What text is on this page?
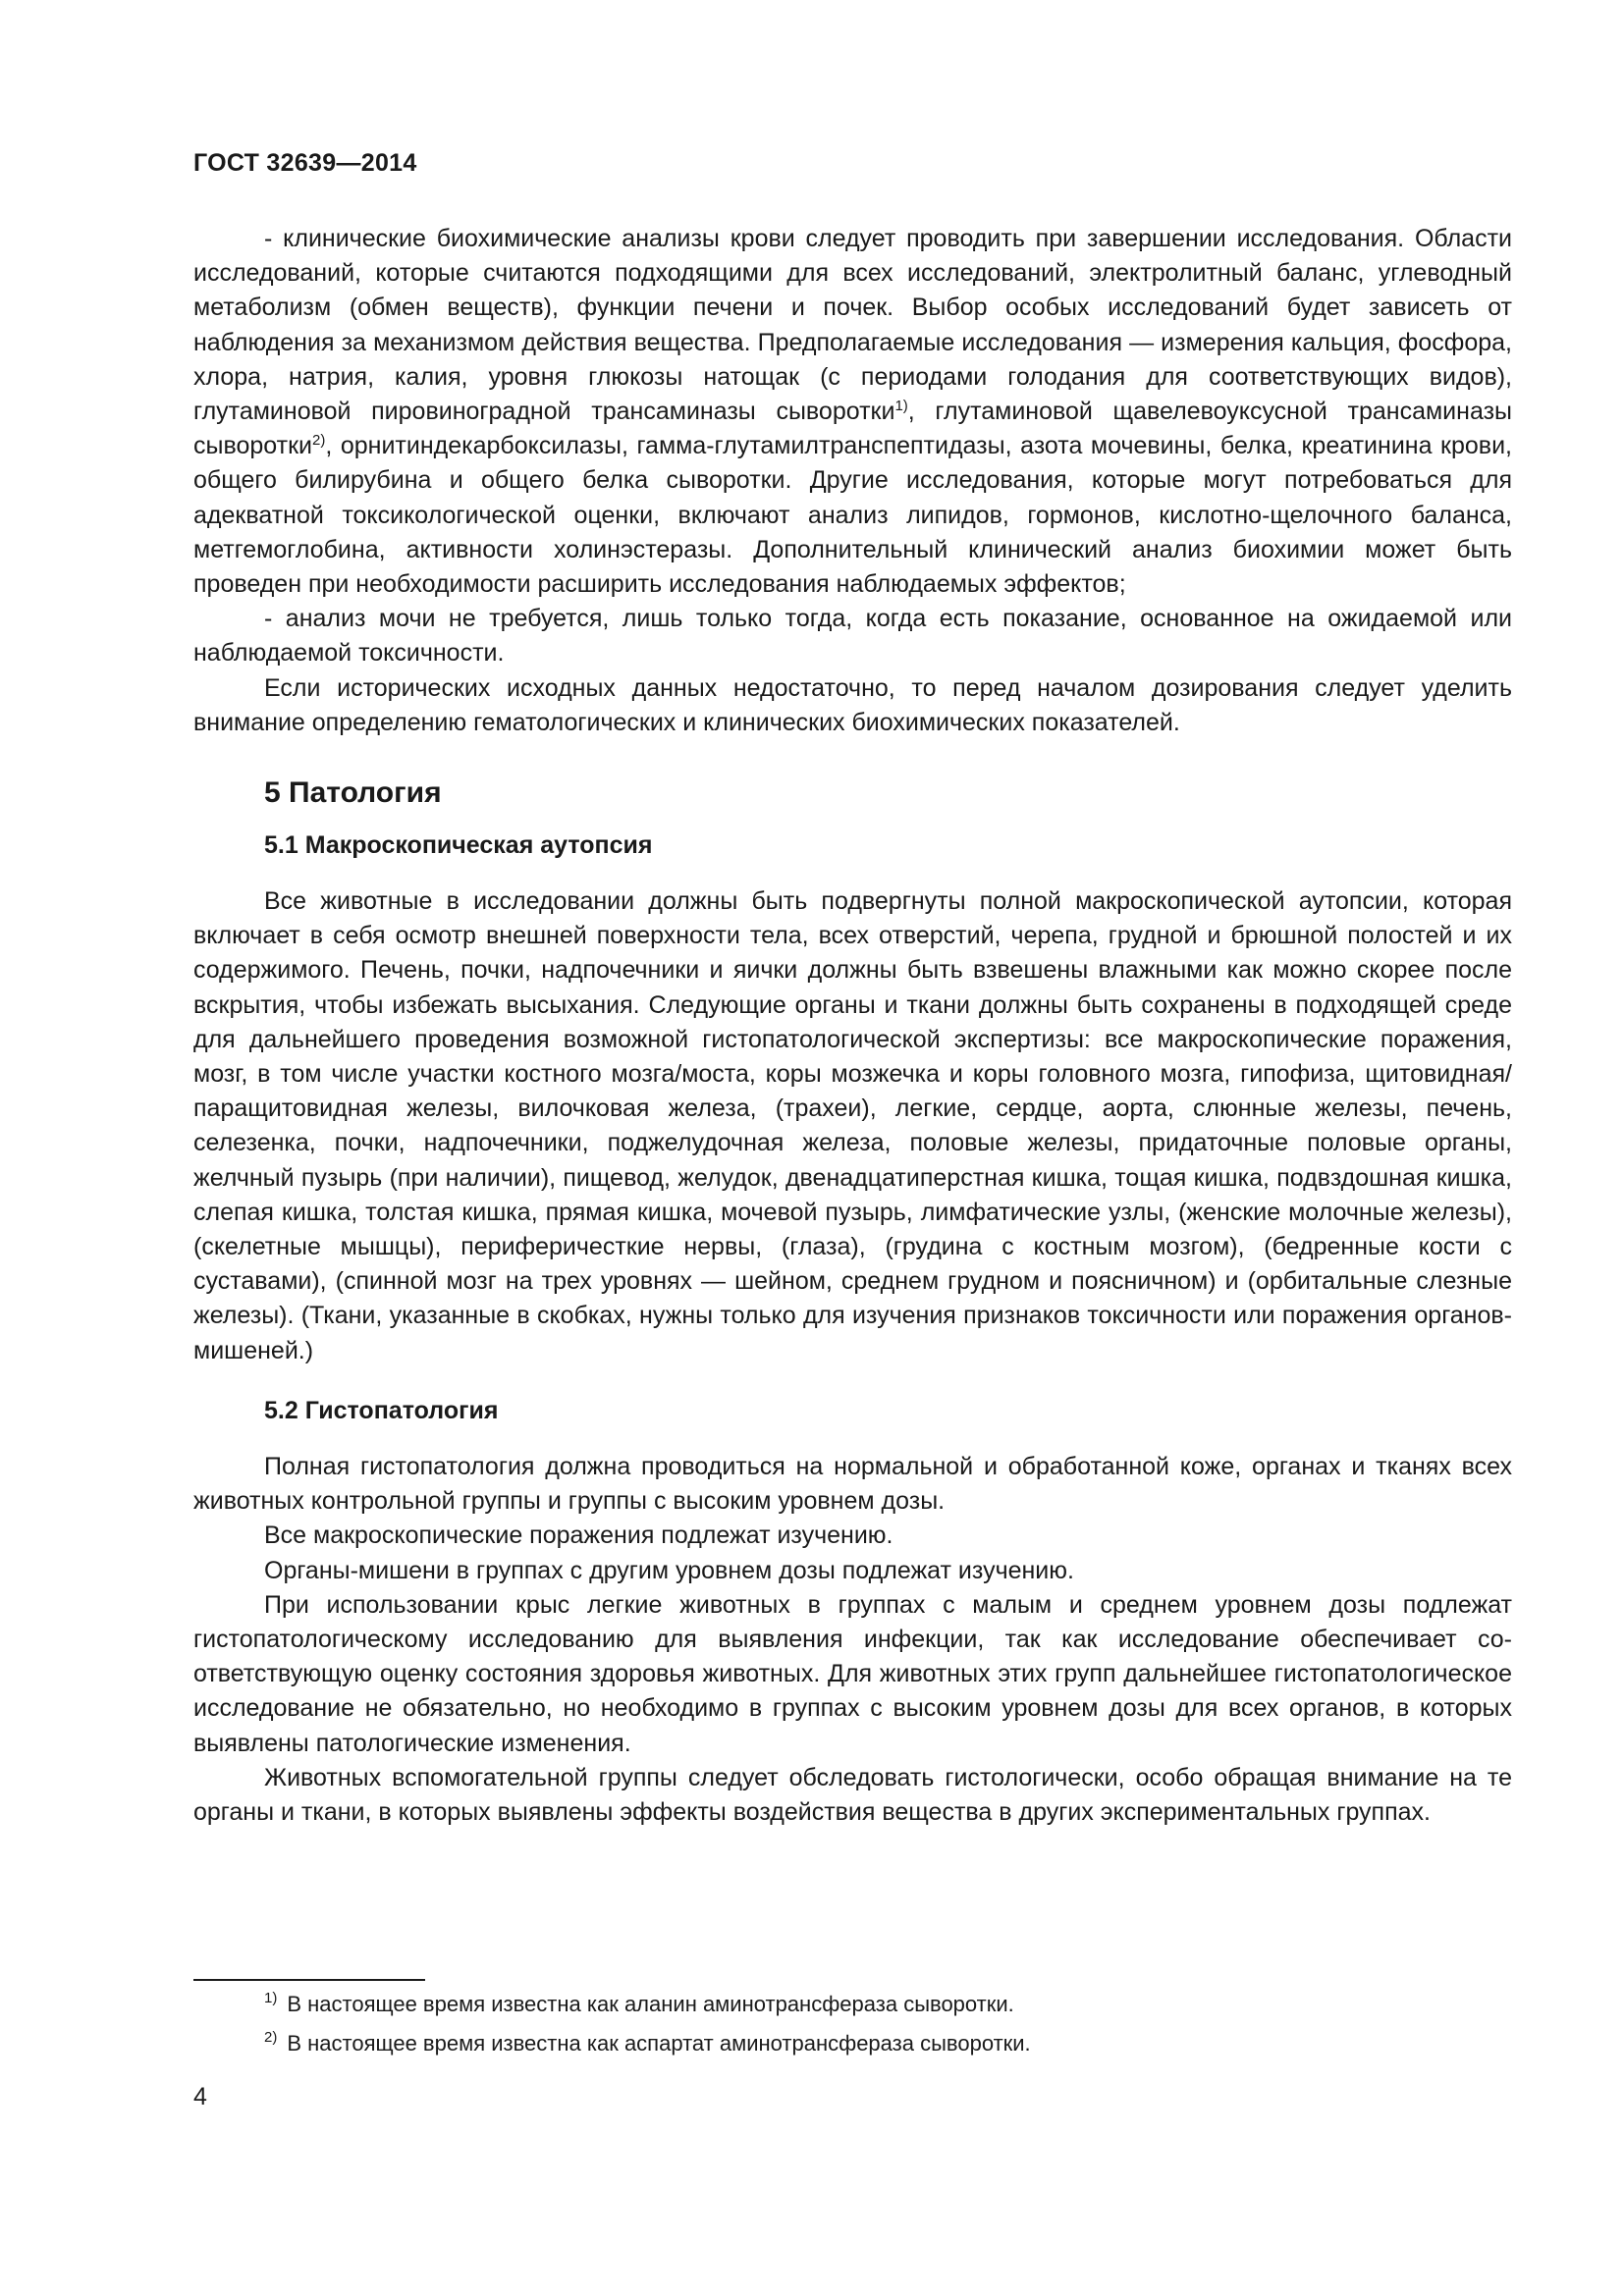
ГОСТ 32639—2014

- клинические биохимические анализы крови следует проводить при завершении исследования. Области исследований, которые считаются подходящими для всех исследований, электролитный баланс, углеводный метаболизм (обмен веществ), функции печени и почек. Выбор особых исследований будет зависеть от наблюдения за механизмом действия вещества. Предполагаемые исследования — измерения кальция, фосфора, хлора, натрия, калия, уровня глюкозы натощак (с периодами голодания для соответствующих видов), глутаминовой пировиноградной трансаминазы сыворотки$^{1)}$, глутаминовой щавелевоуксусной трансаминазы сыворотки$^{2)}$, орнитиндекарбоксилазы, гамма-глутамилтранспептидазы, азота мочевины, белка, креатинина крови, общего билирубина и общего белка сыворотки. Другие исследования, которые могут потребоваться для адекватной токсикологической оценки, включают анализ липидов, гормонов, кислотно-щелочного баланса, метгемоглобина, активности холинэстеразы. Дополнительный клинический анализ биохимии может быть проведен при необходимости расширить исследования наблюдаемых эффектов;

- анализ мочи не требуется, лишь только тогда, когда есть показание, основанное на ожидаемой или наблюдаемой токсичности.

Если исторических исходных данных недостаточно, то перед началом дозирования следует уделить внимание определению гематологических и клинических биохимических показателей.

5 Патология
5.1 Макроскопическая аутопсия

Все животные в исследовании должны быть подвергнуты полной макроскопической аутопсии, которая включает в себя осмотр внешней поверхности тела, всех отверстий, черепа, грудной и брюшной полостей и их содержимого. Печень, почки, надпочечники и яички должны быть взвешены влажными как можно скорее после вскрытия, чтобы избежать высыхания. Следующие органы и ткани должны быть сохранены в подходящей среде для дальнейшего проведения возможной гистопатологической экспертизы: все макроскопические поражения, мозг, в том числе участки костного мозга/моста, коры мозжечка и коры головного мозга, гипофиза, щитовидная/паращитовидная железы, вилочковая железа, (трахеи), легкие, сердце, аорта, слюнные железы, печень, селезенка, почки, надпочечники, поджелудочная железа, половые железы, придаточные половые органы, желчный пузырь (при наличии), пищевод, желудок, двенадцатиперстная кишка, тощая кишка, подвздошная кишка, слепая кишка, толстая кишка, прямая кишка, мочевой пузырь, лимфатические узлы, (женские молочные железы), (скелетные мышцы), периферичесткие нервы, (глаза), (грудина с костным мозгом), (бедренные кости с суставами), (спинной мозг на трех уровнях — шейном, среднем грудном и поясничном) и (орбитальные слезные железы). (Ткани, указанные в скобках, нужны только для изучения признаков токсичности или поражения органов-мишеней.)

5.2 Гистопатология

Полная гистопатология должна проводиться на нормальной и обработанной коже, органах и тканях всех животных контрольной группы и группы с высоким уровнем дозы.

Все макроскопические поражения подлежат изучению.

Органы-мишени в группах с другим уровнем дозы подлежат изучению.

При использовании крыс легкие животных в группах с малым и среднем уровнем дозы подлежат гистопатологическому исследованию для выявления инфекции, так как исследование обеспечивает соответствующую оценку состояния здоровья животных. Для животных этих групп дальнейшее гистопатологическое исследование не обязательно, но необходимо в группах с высоким уровнем дозы для всех органов, в которых выявлены патологические изменения.

Животных вспомогательной группы следует обследовать гистологически, особо обращая внимание на те органы и ткани, в которых выявлены эффекты воздействия вещества в других экспериментальных группах.

$^{1)}$ В настоящее время известна как аланин аминотрансфераза сыворотки.
$^{2)}$ В настоящее время известна как аспартат аминотрансфераза сыворотки.
4
